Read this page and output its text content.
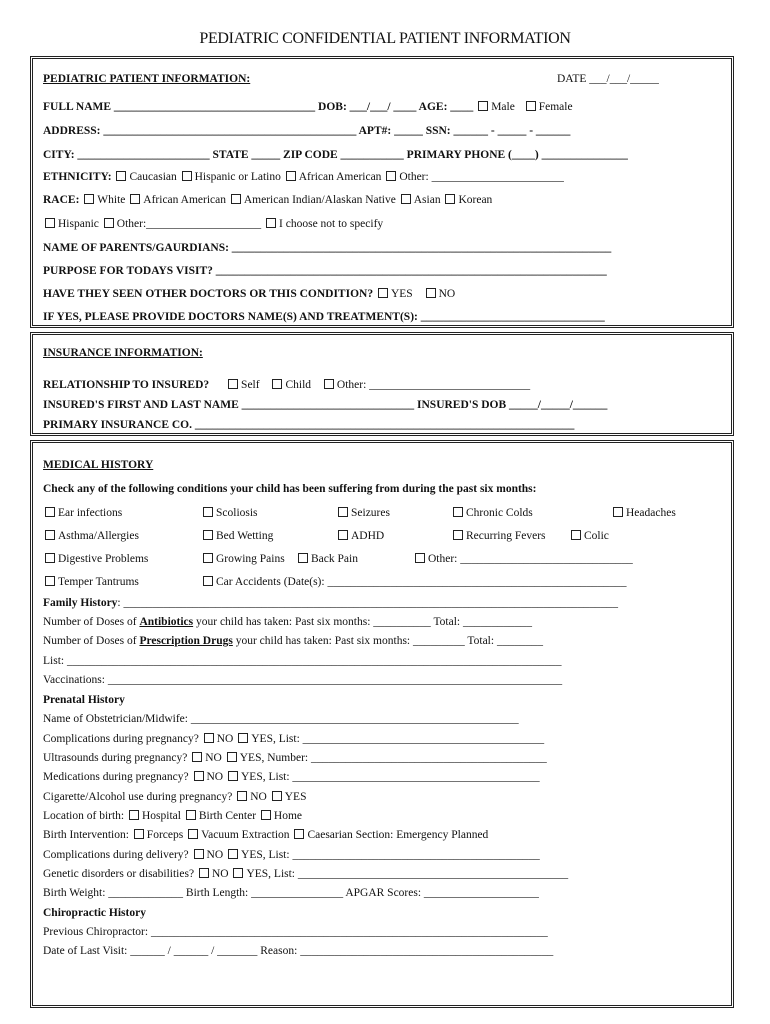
PEDIATRIC CONFIDENTIAL PATIENT INFORMATION
PEDIATRIC PATIENT INFORMATION:	DATE ___/___/_____
FULL NAME ___________________________________ DOB: ___/___/ ____ AGE: ____ Male Female
ADDRESS: ____________________________________________ APT#: _____ SSN: ______ - _____ - ______
CITY: _______________________ STATE _____ ZIP CODE ___________ PRIMARY PHONE (____) _______________
ETHNICITY: Caucasian Hispanic or Latino African American Other: _______________________
RACE: White African American American Indian/Alaskan Native Asian Korean
Hispanic Other:____________________ I choose not to specify
NAME OF PARENTS/GAURDIANS: __________________________________________________________________
PURPOSE FOR TODAYS VISIT? ____________________________________________________________________
HAVE THEY SEEN OTHER DOCTORS OR THIS CONDITION? YES NO
IF YES, PLEASE PROVIDE DOCTORS NAME(S) AND TREATMENT(S): ________________________________
INSURANCE INFORMATION:
RELATIONSHIP TO INSURED?	Self Child Other: ____________________________
INSURED'S FIRST AND LAST NAME ______________________________ INSURED'S DOB _____/_____/______
PRIMARY INSURANCE CO. __________________________________________________________________
MEDICAL HISTORY
Check any of the following conditions your child has been suffering from during the past six months:
Ear infections	Scoliosis	Seizures	Chronic Colds	Headaches
Asthma/Allergies	Bed Wetting	ADHD	Recurring Fevers	Colic
Digestive Problems	Growing Pains	Back Pain	Other: ______________________________
Temper Tantrums	Car Accidents (Date(s): ____________________________________________________
Family History: ______________________________________________________________________________________
Number of Doses of Antibiotics your child has taken: Past six months: __________ Total: ____________
Number of Doses of Prescription Drugs your child has taken: Past six months: _________ Total: ________
List: ______________________________________________________________________________________
Vaccinations: _______________________________________________________________________________
Prenatal History
Name of Obstetrician/Midwife: _________________________________________________________
Complications during pregnancy? NO YES, List: __________________________________________
Ultrasounds during pregnancy? NO YES, Number: _________________________________________
Medications during pregnancy? NO YES, List: ___________________________________________
Cigarette/Alcohol use during pregnancy? NO YES
Location of birth: Hospital Birth Center Home
Birth Intervention: Forceps Vacuum Extraction Caesarian Section: Emergency Planned
Complications during delivery? NO YES, List: ___________________________________________
Genetic disorders or disabilities? NO YES, List: _______________________________________________
Birth Weight: _____________ Birth Length: ________________ APGAR Scores: ____________________
Chiropractic History
Previous Chiropractor: _____________________________________________________________________
Date of Last Visit: ______ / ______ / _______ Reason: ____________________________________________
